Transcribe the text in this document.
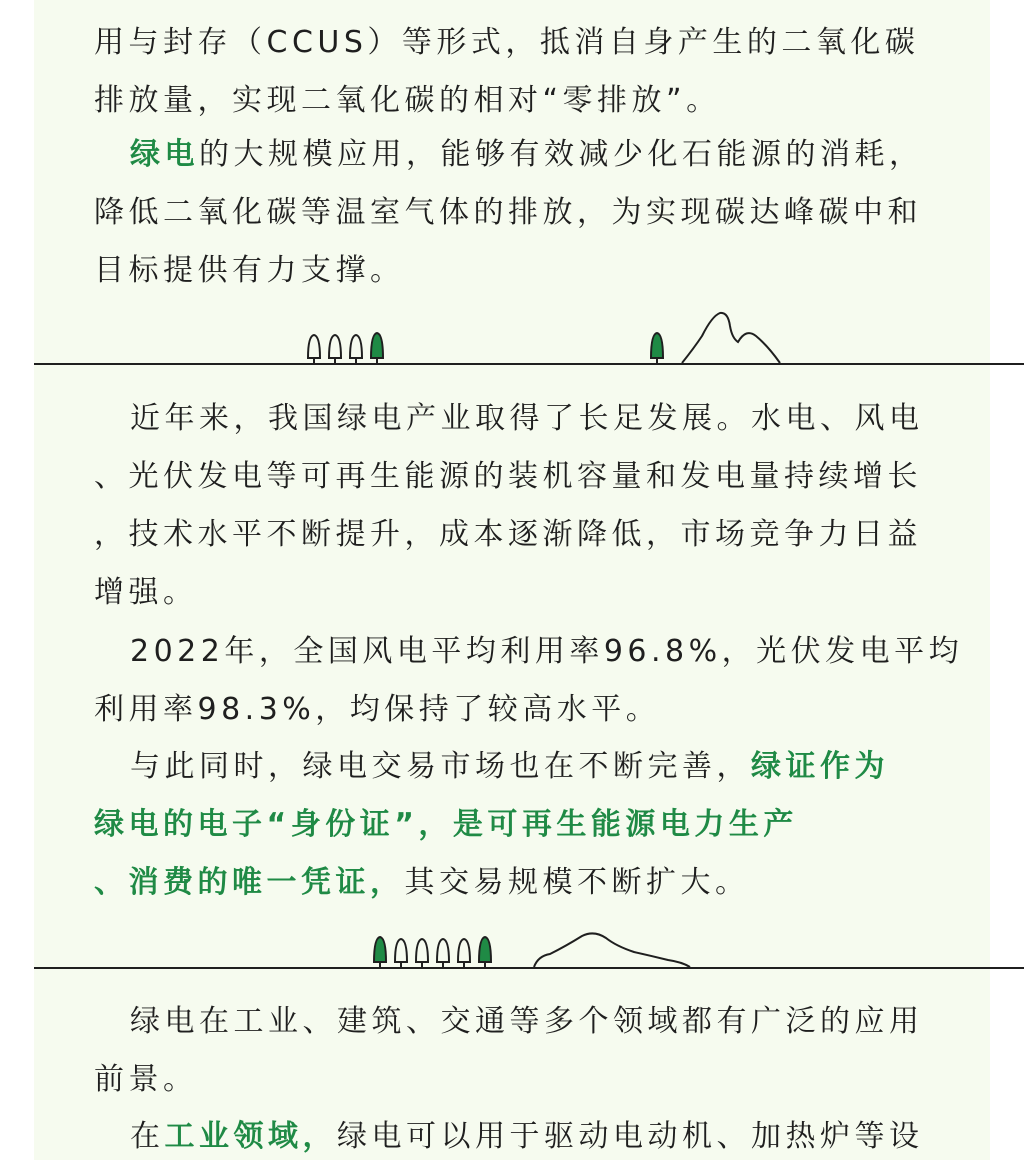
用与封存（CCUS）等形式，抵消自身产生的二氧化碳
排放量，实现二氧化碳的相对“零排放”。

绿电的大规模应用，能够有效减少化石能源的消耗，
降低二氧化碳等温室气体的排放，为实现碳达峰碳中和
目标提供有力支撑。

近年来，我国绿电产业取得了长足发展。水电、风电
、光伏发电等可再生能源的装机容量和发电量持续增长
，技术水平不断提升，成本逐渐降低，市场竞争力日益
增强。

2022年，全国风电平均利用率96.8%，光伏发电平均
利用率98.3%，均保持了较高水平。

与此同时，绿电交易市场也在不断完善，绿证作为
绿电的电子“身份证”，是可再生能源电力生产
、消费的唯一凭证，其交易规模不断扩大。

绿电在工业、建筑、交通等多个领域都有广泛的应用
前景。

在工业领域，绿电可以用于驱动电动机、加热炉等设
